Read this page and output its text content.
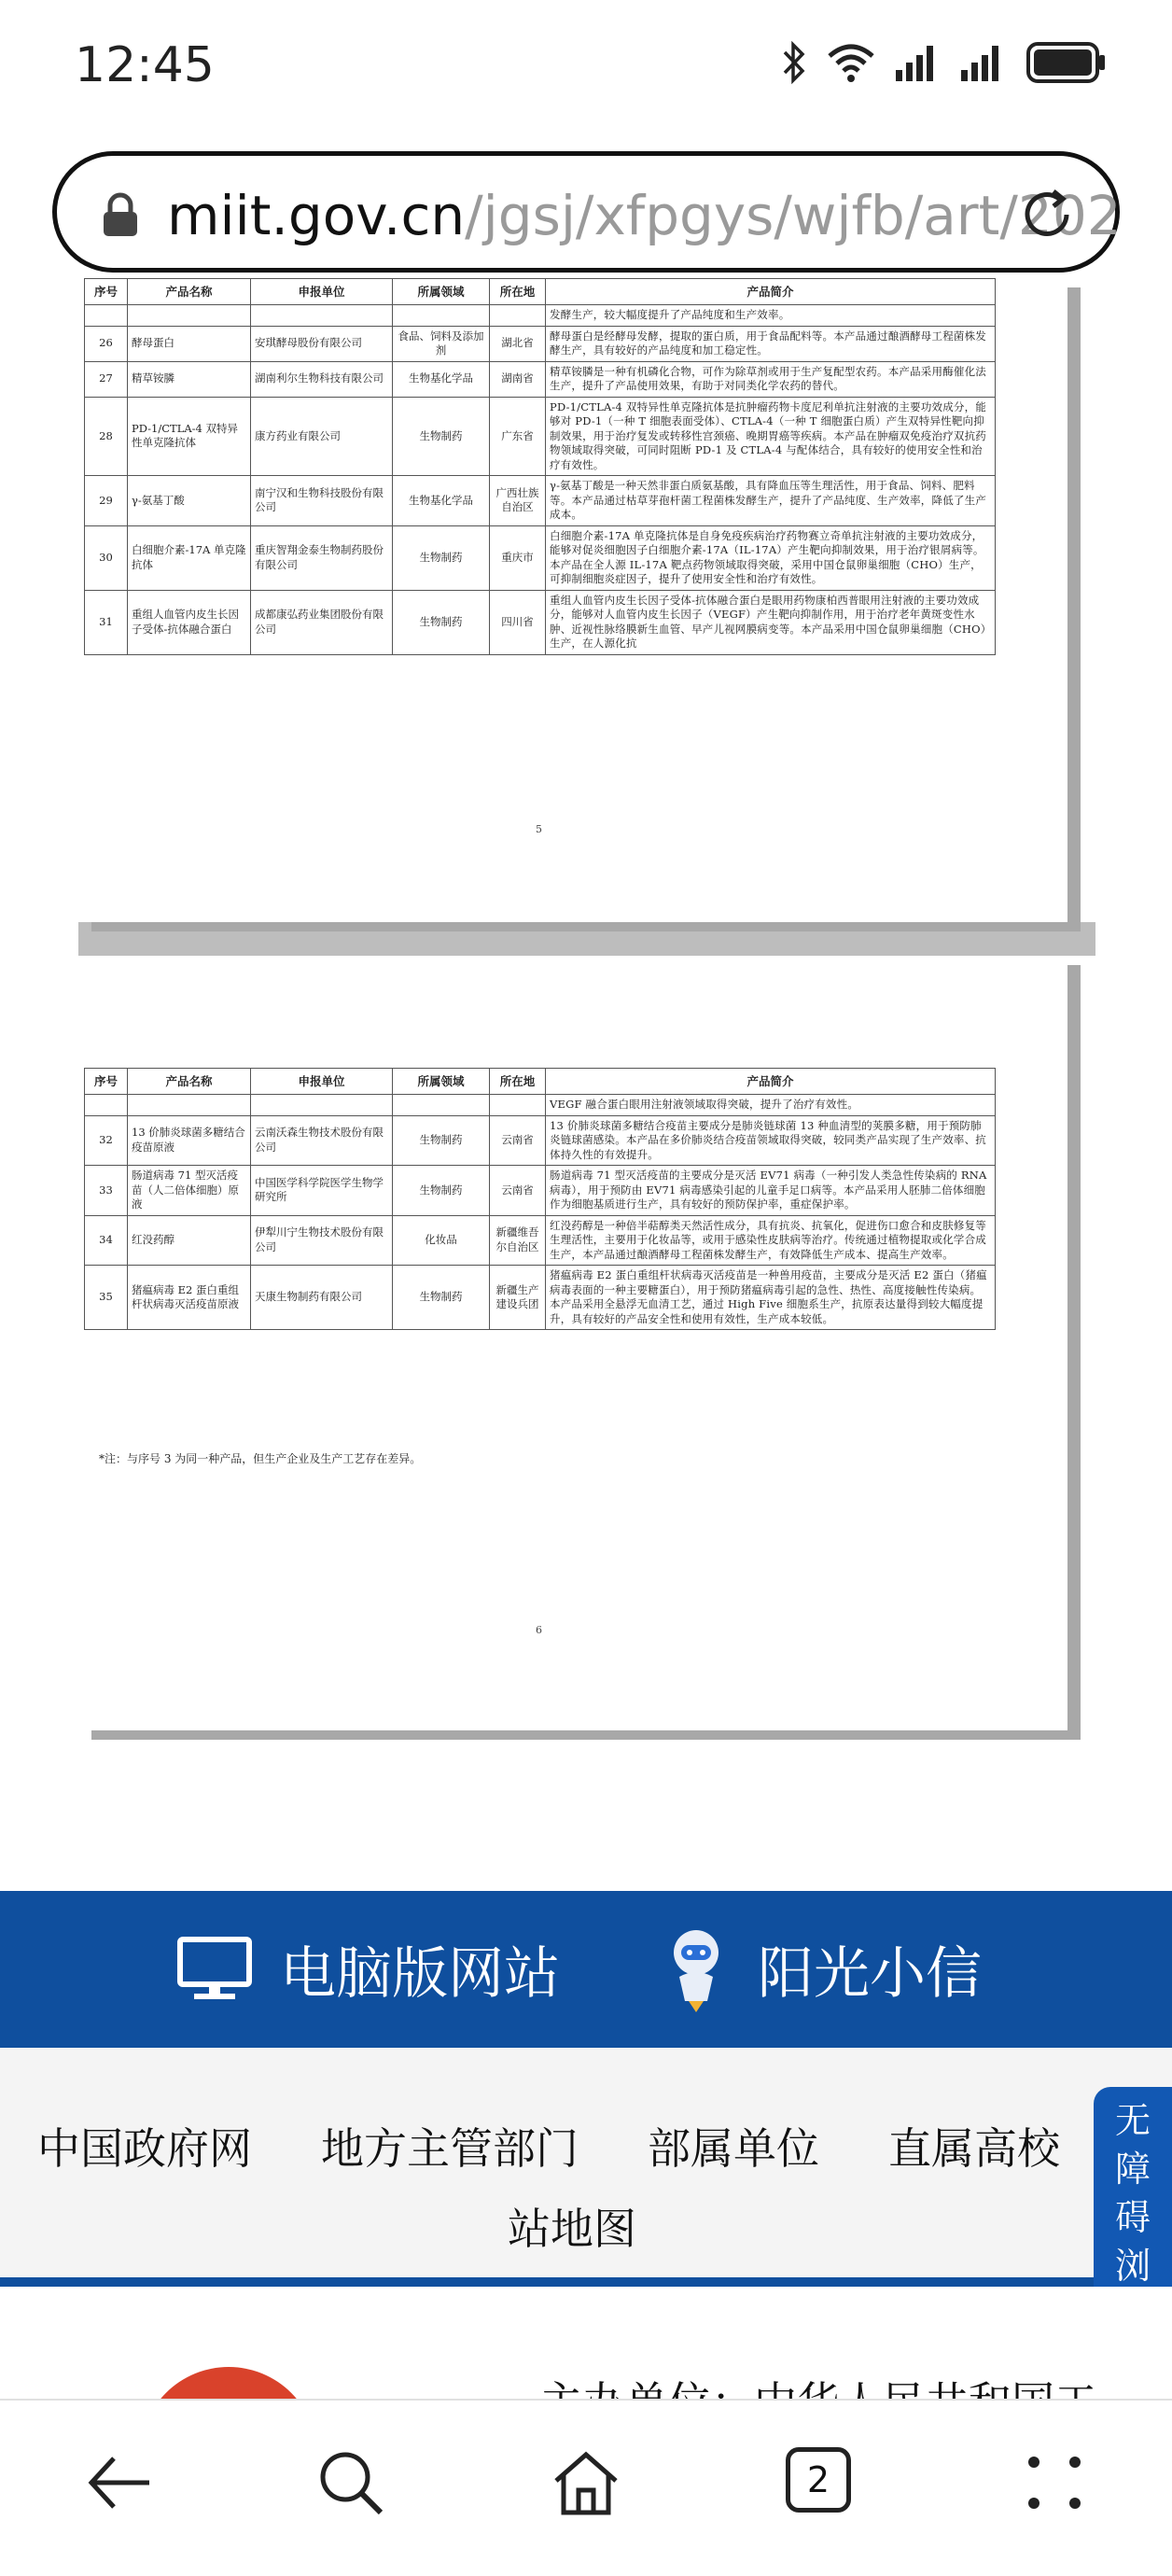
12:45
miit.gov.cn/jgsj/xfpgys/wjfb/art/202
序号	产品名称	申报单位	所属领域	所在地	产品简介
					发酵生产，较大幅度提升了产品纯度和生产效率。
26	酵母蛋白	安琪酵母股份有限公司	食品、饲料及添加剂	湖北省	酵母蛋白是经酵母发酵，提取的蛋白质，用于食品配料等。本产品通过酿酒酵母工程菌株发酵生产，具有较好的产品纯度和加工稳定性。
27	精草铵膦	湖南利尔生物科技有限公司	生物基化学品	湖南省	精草铵膦是一种有机磷化合物，可作为除草剂或用于生产复配型农药。本产品采用酶催化法生产，提升了产品使用效果，有助于对同类化学农药的替代。
28	PD-1/CTLA-4 双特异性单克隆抗体	康方药业有限公司	生物制药	广东省	PD-1/CTLA-4 双特异性单克隆抗体是抗肿瘤药物卡度尼利单抗注射液的主要功效成分，能够对 PD-1（一种 T 细胞表面受体）、CTLA-4（一种 T 细胞蛋白质）产生双特异性靶向抑制效果，用于治疗复发或转移性宫颈癌、晚期胃癌等疾病。本产品在肿瘤双免疫治疗双抗药物领域取得突破，可同时阻断 PD-1 及 CTLA-4 与配体结合，具有较好的使用安全性和治疗有效性。
29	γ-氨基丁酸	南宁汉和生物科技股份有限公司	生物基化学品	广西壮族自治区	γ-氨基丁酸是一种天然非蛋白质氨基酸，具有降血压等生理活性，用于食品、饲料、肥料等。本产品通过枯草芽孢杆菌工程菌株发酵生产，提升了产品纯度、生产效率，降低了生产成本。
30	白细胞介素-17A 单克隆抗体	重庆智翔金泰生物制药股份有限公司	生物制药	重庆市	白细胞介素-17A 单克隆抗体是自身免疫疾病治疗药物赛立奇单抗注射液的主要功效成分，能够对促炎细胞因子白细胞介素-17A（IL-17A）产生靶向抑制效果，用于治疗银屑病等。本产品在全人源 IL-17A 靶点药物领域取得突破，采用中国仓鼠卵巢细胞（CHO）生产，可抑制细胞炎症因子，提升了使用安全性和治疗有效性。
31	重组人血管内皮生长因子受体-抗体融合蛋白	成都康弘药业集团股份有限公司	生物制药	四川省	重组人血管内皮生长因子受体-抗体融合蛋白是眼用药物康柏西普眼用注射液的主要功效成分，能够对人血管内皮生长因子（VEGF）产生靶向抑制作用，用于治疗老年黄斑变性水肿、近视性脉络膜新生血管、早产儿视网膜病变等。本产品采用中国仓鼠卵巢细胞（CHO）生产，在人源化抗
5
序号	产品名称	申报单位	所属领域	所在地	产品简介
					VEGF 融合蛋白眼用注射液领域取得突破，提升了治疗有效性。
32	13 价肺炎球菌多糖结合疫苗原液	云南沃森生物技术股份有限公司	生物制药	云南省	13 价肺炎球菌多糖结合疫苗主要成分是肺炎链球菌 13 种血清型的荚膜多糖，用于预防肺炎链球菌感染。本产品在多价肺炎结合疫苗领域取得突破，较同类产品实现了生产效率、抗体持久性的有效提升。
33	肠道病毒 71 型灭活疫苗（人二倍体细胞）原液	中国医学科学院医学生物学研究所	生物制药	云南省	肠道病毒 71 型灭活疫苗的主要成分是灭活 EV71 病毒（一种引发人类急性传染病的 RNA 病毒），用于预防由 EV71 病毒感染引起的儿童手足口病等。本产品采用人胚肺二倍体细胞作为细胞基质进行生产，具有较好的预防保护率，重症保护率。
34	红没药醇	伊犁川宁生物技术股份有限公司	化妆品	新疆维吾尔自治区	红没药醇是一种倍半萜醇类天然活性成分，具有抗炎、抗氧化，促进伤口愈合和皮肤修复等生理活性，主要用于化妆品等，或用于感染性皮肤病等治疗。传统通过植物提取或化学合成生产，本产品通过酿酒酵母工程菌株发酵生产，有效降低生产成本、提高生产效率。
35	猪瘟病毒 E2 蛋白重组杆状病毒灭活疫苗原液	天康生物制药有限公司	生物制药	新疆生产建设兵团	猪瘟病毒 E2 蛋白重组杆状病毒灭活疫苗是一种兽用疫苗，主要成分是灭活 E2 蛋白（猪瘟病毒表面的一种主要糖蛋白），用于预防猪瘟病毒引起的急性、热性、高度接触性传染病。本产品采用全悬浮无血清工艺，通过 High Five 细胞系生产，抗原表达量得到较大幅度提升，具有较好的产品安全性和使用有效性，生产成本较低。
*注：与序号 3 为同一种产品，但生产企业及生产工艺存在差异。
6
电脑版网站	阳光小信
中国政府网 地方主管部门 部属单位 直属高校
站地图
无
障
碍
浏
2
